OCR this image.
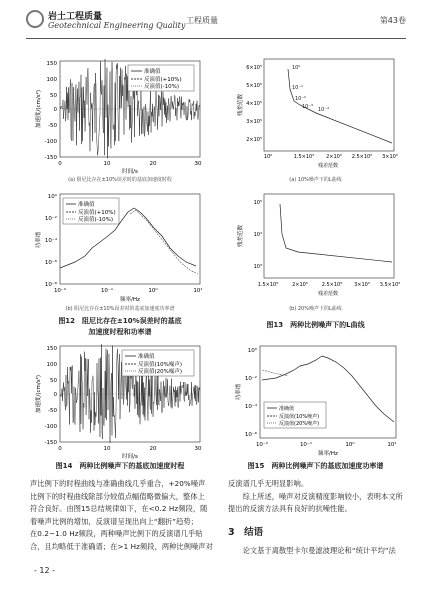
岩土工程质量
Geotechnical Engineering Quality
工程质量	第43卷
准确值
反演值(+10%)
反演值(-10%)
150
100
50
0
-50
-100
-150
0	10	20	30
时间/s
加速度/(cm/s²)
(a) 阻尼比存在±10%误差时的基底加速度时程
准确值
反演值(+10%)
反演值(-10%)
10⁰
10⁻²
10⁻⁴
10⁻⁶
10⁻⁸
10⁻²	10⁻¹	10⁰	10¹
频率/Hz
功率谱
(b) 阻尼比存在±10%误差时的基底加速度功率谱
图12　阻尼比存在±10%误差时的基底
加速度时程和功率谱
10⁰
10⁻¹
10⁻²
10⁻³ 10⁻⁴
6×10⁵
5×10⁵
4×10⁵
3×10⁵
2×10⁵
10⁰	1.5×10⁵ 2×10⁵ 2.5×10⁵ 3×10⁵
残差范数
残差范数
(a) 10%噪声下的L曲线
10⁵
10⁴
10³
1.5×10⁵	2×10⁵	2.5×10⁵ 3×10⁵ 3.5×10⁵
残差范数
残差范数
(b) 20%噪声下的L曲线
图13　两种比例噪声下的L曲线
准确值
反演值(10%噪声)
反演值(20%噪声)
150
100
50
0
-50
-100
-150
0	10	20	30
时间/s
加速度/(cm/s²)
图14　两种比例噪声下的基底加速度时程
准确值
反演值(10%噪声)
反演值(20%噪声)
10⁰
10⁻²
10⁻⁴
10⁻⁶
10⁻²	10⁻¹	10⁰	10¹
频率/Hz
功率谱
图15　两种比例噪声下的基底加速度功率谱
声比例下的时程曲线与准确曲线几乎重合，+20%噪声
比例下的时程曲线除部分较值点幅值略微偏大，整体上
符合良好。由图15总结规律如下，在<0.2 Hz频段，随
着噪声比例的增加，反演谱呈现出向上“翻折”趋势；
在0.2~1.0 Hz频段，两种噪声比例下的反演谱几乎贴
合，且均略低于准确谱；在>1 Hz频段，两种比例噪声对
反演谱几乎无明显影响。
　　综上所述，噪声对反演精度影响较小，表明本文所
提出的反演方法具有良好的抗噪性能。
3　结语
　　论文基于离散型卡尔曼滤波理论和“统计平均”法
- 12 -
